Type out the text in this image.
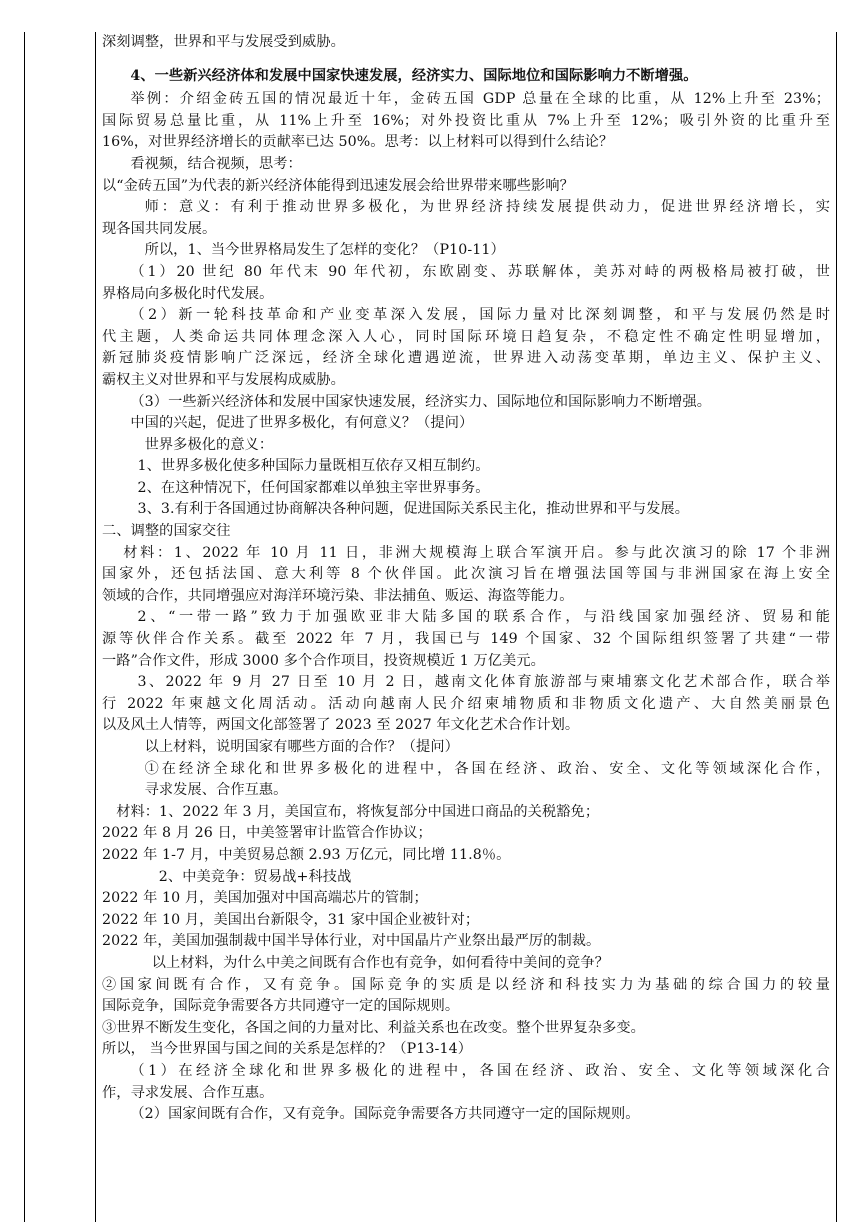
深刻调整，世界和平与发展受到威胁。
4、一些新兴经济体和发展中国家快速发展，经济实力、国际地位和国际影响力不断增强。
举例：介绍金砖五国的情况最近十年，金砖五国 GDP 总量在全球的比重，从 12%上升至 23%；
国际贸易总量比重，从 11%上升至 16%；对外投资比重从 7%上升至 12%；吸引外资的比重升至
16%，对世界经济增长的贡献率已达 50%。思考：以上材料可以得到什么结论？
看视频，结合视频，思考：
以“金砖五国”为代表的新兴经济体能得到迅速发展会给世界带来哪些影响？
师：意义：有利于推动世界多极化，为世界经济持续发展提供动力，促进世界经济增长，实
现各国共同发展。
所以，1、当今世界格局发生了怎样的变化？（P10-11）
（1）20 世纪 80 年代末 90 年代初，东欧剧变、苏联解体，美苏对峙的两极格局被打破，世
界格局向多极化时代发展。
（2）新一轮科技革命和产业变革深入发展，国际力量对比深刻调整，和平与发展仍然是时
代主题，人类命运共同体理念深入人心，同时国际环境日趋复杂，不稳定性不确定性明显增加，
新冠肺炎疫情影响广泛深远，经济全球化遭遇逆流，世界进入动荡变革期，单边主义、保护主义、
霸权主义对世界和平与发展构成威胁。
（3）一些新兴经济体和发展中国家快速发展，经济实力、国际地位和国际影响力不断增强。
中国的兴起，促进了世界多极化，有何意义？（提问）
世界多极化的意义：
1、世界多极化使多种国际力量既相互依存又相互制约。
2、在这种情况下，任何国家都难以单独主宰世界事务。
3、3.有利于各国通过协商解决各种问题，促进国际关系民主化，推动世界和平与发展。
二、调整的国家交往
材料：1、2022 年 10 月 11 日，非洲大规模海上联合军演开启。参与此次演习的除 17 个非洲
国家外，还包括法国、意大利等 8 个伙伴国。此次演习旨在增强法国等国与非洲国家在海上安全
领域的合作，共同增强应对海洋环境污染、非法捕鱼、贩运、海盗等能力。
2、“一带一路”致力于加强欧亚非大陆多国的联系合作，与沿线国家加强经济、贸易和能
源等伙伴合作关系。截至 2022 年 7 月，我国已与 149 个国家、32 个国际组织签署了共建“一带
一路”合作文件，形成 3000 多个合作项目，投资规模近 1 万亿美元。
3、2022 年 9 月 27 日至 10 月 2 日，越南文化体育旅游部与柬埔寨文化艺术部合作，联合举
行 2022 年柬越文化周活动。活动向越南人民介绍柬埔物质和非物质文化遗产、大自然美丽景色
以及风土人情等，两国文化部签署了 2023 至 2027 年文化艺术合作计划。
以上材料，说明国家有哪些方面的合作？（提问）
①在经济全球化和世界多极化的进程中，各国在经济、政治、安全、文化等领域深化合作，
寻求发展、合作互惠。
材料：1、2022 年 3 月，美国宣布，将恢复部分中国进口商品的关税豁免；
2022 年 8 月 26 日，中美签署审计监管合作协议；
2022 年 1-7 月，中美贸易总额 2.93 万亿元，同比增 11.8％。
2、中美竞争：贸易战+科技战
2022 年 10 月，美国加强对中国高端芯片的管制；
2022 年 10 月，美国出台新限令，31 家中国企业被针对；
2022 年，美国加强制裁中国半导体行业，对中国晶片产业祭出最严厉的制裁。
以上材料，为什么中美之间既有合作也有竞争，如何看待中美间的竞争？
②国家间既有合作，又有竞争。国际竞争的实质是以经济和科技实力为基础的综合国力的较量
国际竞争，国际竞争需要各方共同遵守一定的国际规则。
③世界不断发生变化，各国之间的力量对比、利益关系也在改变。整个世界复杂多变。
所以， 当今世界国与国之间的关系是怎样的？（P13-14）
（1）在经济全球化和世界多极化的进程中，各国在经济、政治、安全、文化等领域深化合
作，寻求发展、合作互惠。
（2）国家间既有合作，又有竞争。国际竞争需要各方共同遵守一定的国际规则。
